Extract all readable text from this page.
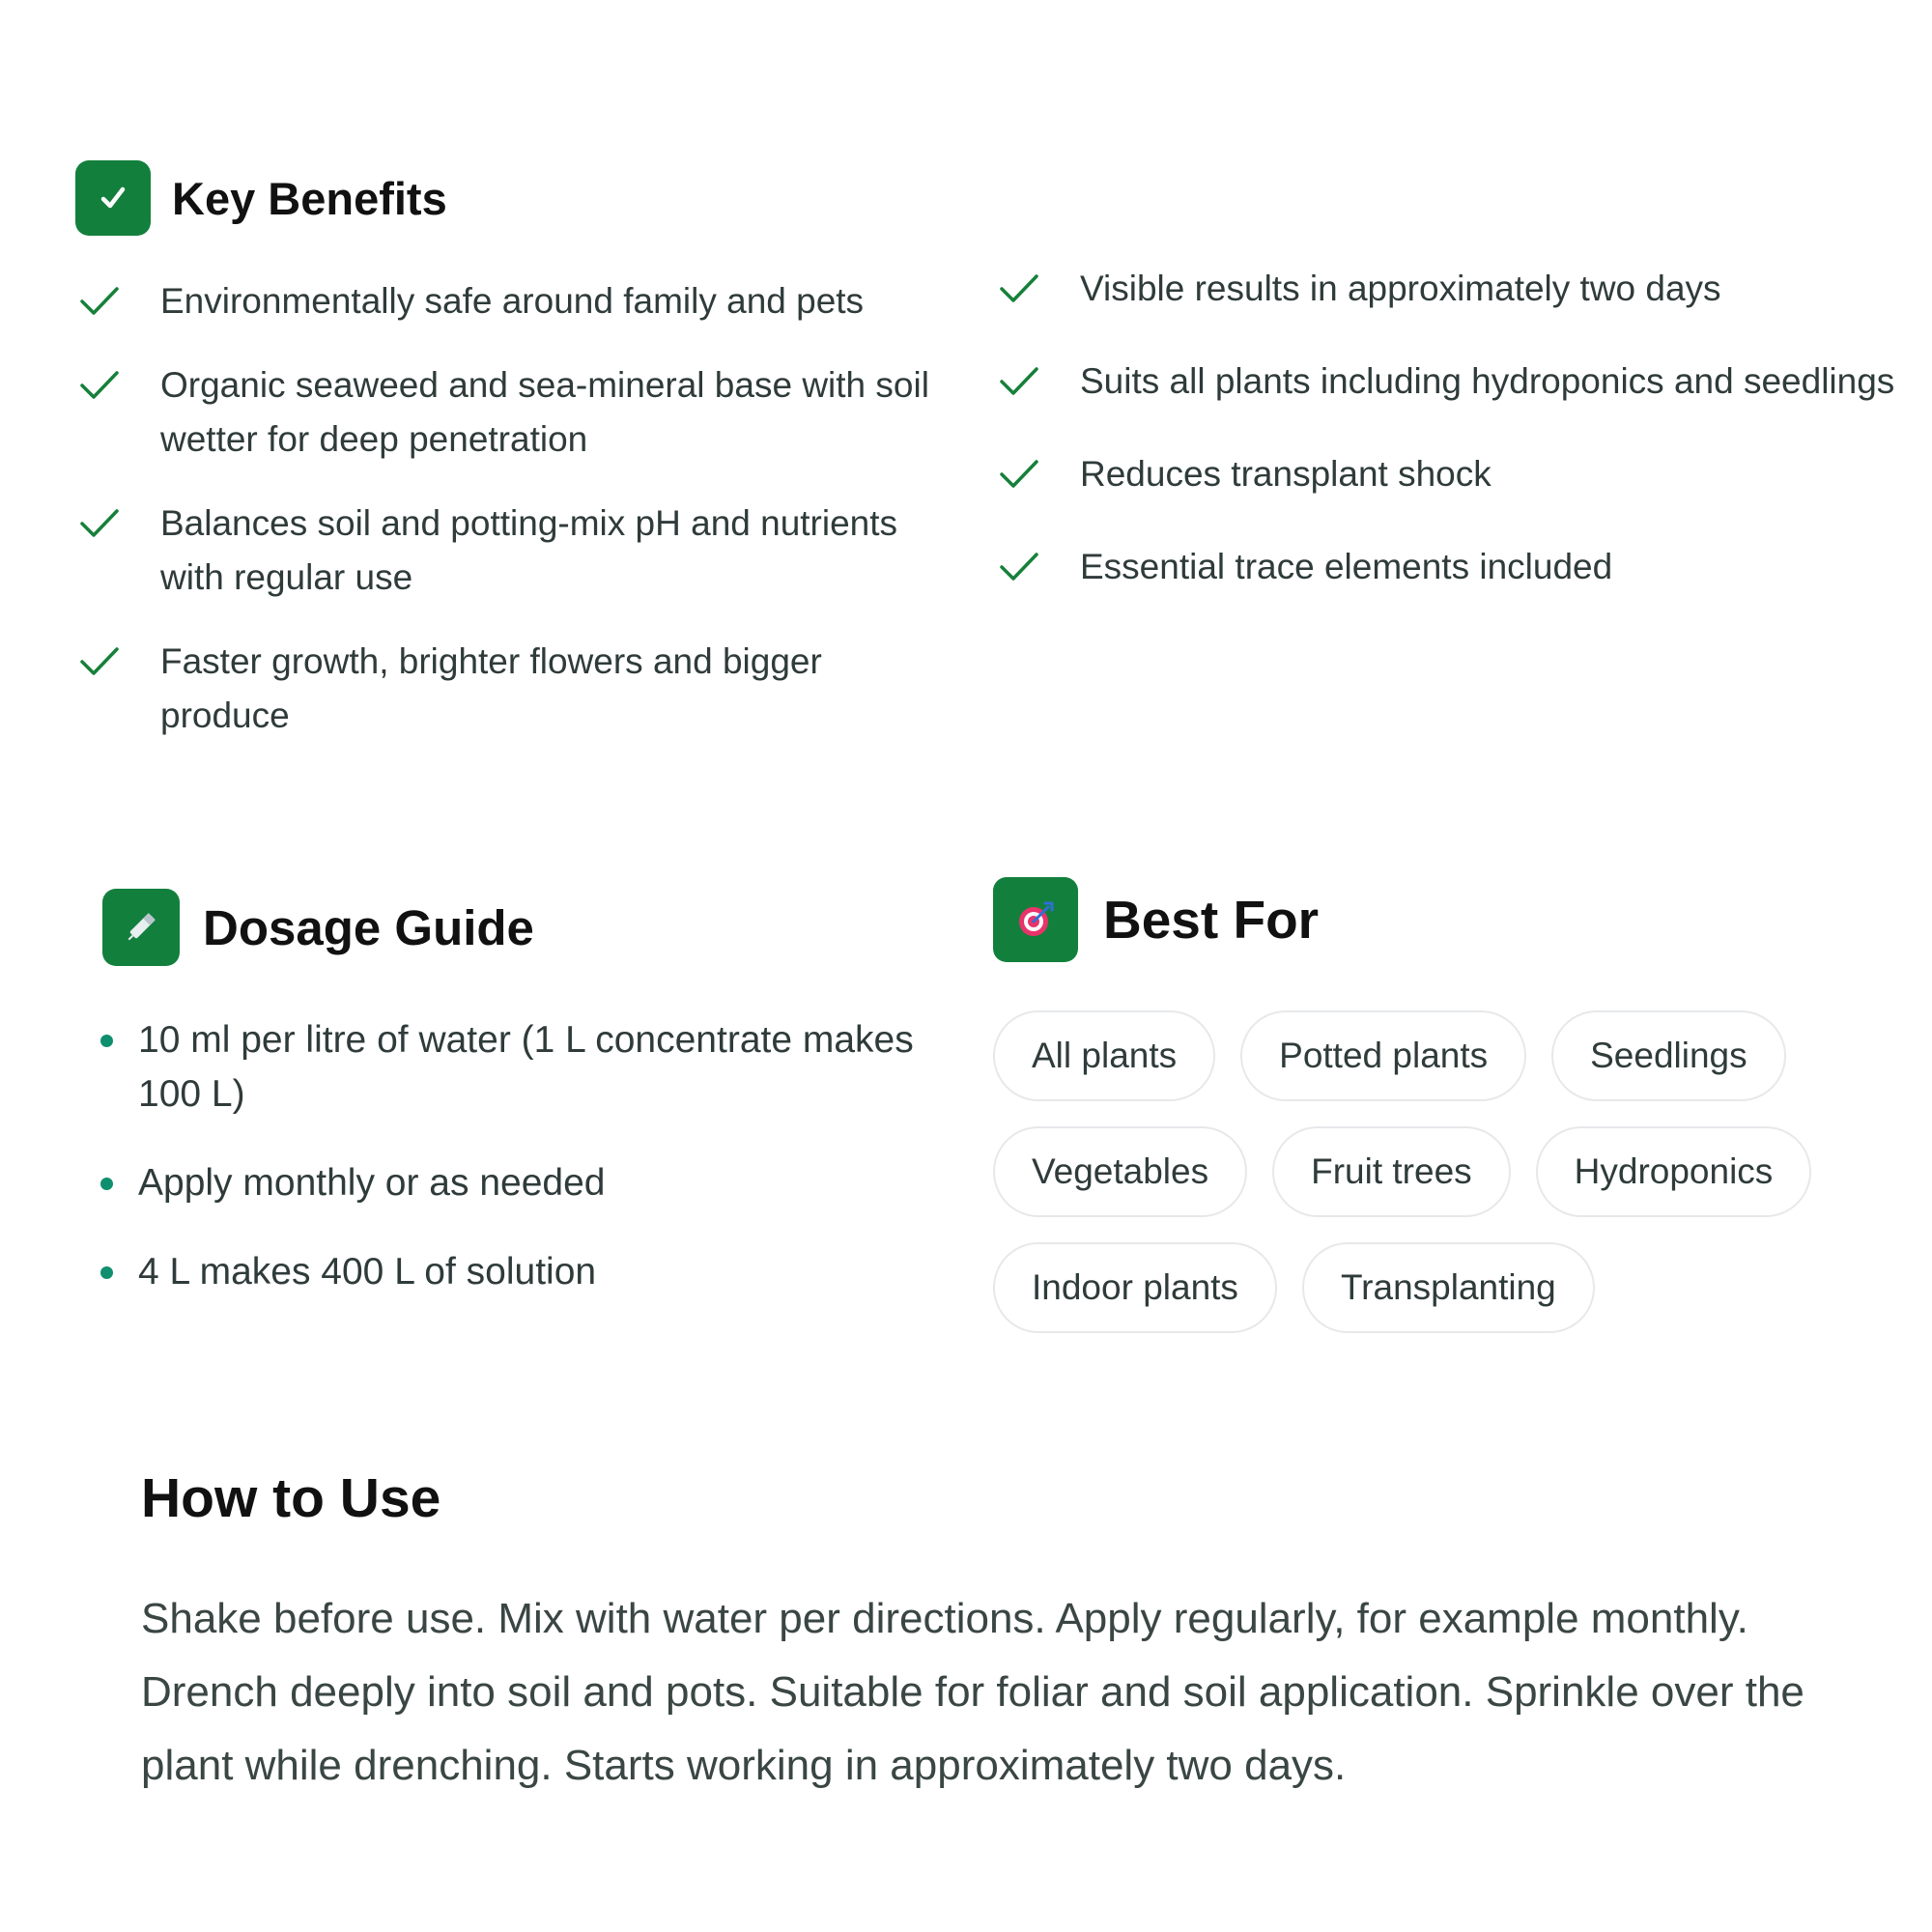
Key Benefits
Environmentally safe around family and pets
Organic seaweed and sea-mineral base with soil wetter for deep penetration
Balances soil and potting-mix pH and nutrients with regular use
Faster growth, brighter flowers and bigger produce
Visible results in approximately two days
Suits all plants including hydroponics and seedlings
Reduces transplant shock
Essential trace elements included
Dosage Guide
10 ml per litre of water (1 L concentrate makes 100 L)
Apply monthly or as needed
4 L makes 400 L of solution
Best For
All plants	Potted plants	Seedlings
Vegetables	Fruit trees	Hydroponics
Indoor plants	Transplanting
How to Use

Shake before use. Mix with water per directions. Apply regularly, for example monthly. Drench deeply into soil and pots. Suitable for foliar and soil application. Sprinkle over the plant while drenching. Starts working in approximately two days.
